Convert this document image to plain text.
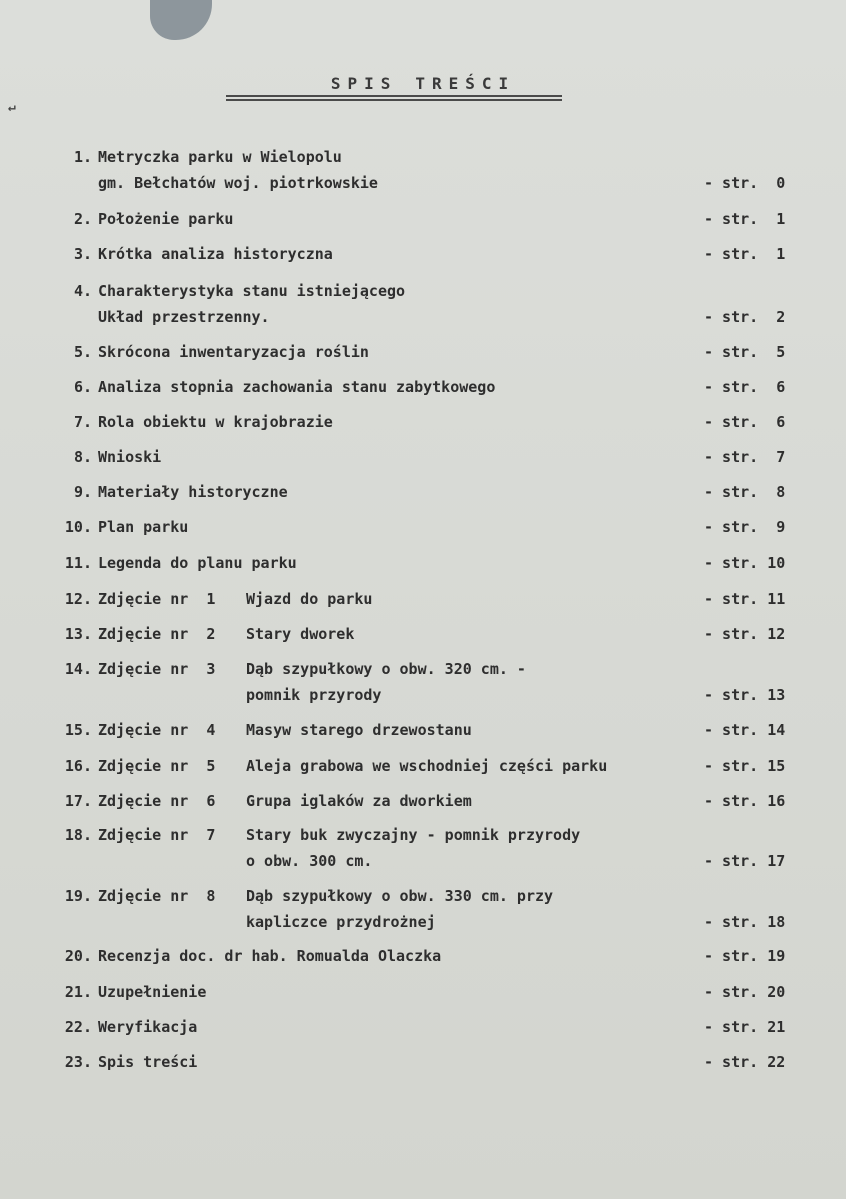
SPIS TREŚCI
1. Metryczka parku w Wielopolu
gm. Bełchatów woj. piotrkowskie	- str.  0
2. Położenie parku	- str.  1
3. Krótka analiza historyczna	- str.  1
4. Charakterystyka stanu istniejącego
Układ przestrzenny.	- str.  2
5. Skrócona inwentaryzacja roślin	- str.  5
6. Analiza stopnia zachowania stanu zabytkowego	- str.  6
7. Rola obiektu w krajobrazie	- str.  6
8. Wnioski	- str.  7
9. Materiały historyczne	- str.  8
10. Plan parku	- str.  9
11. Legenda do planu parku	- str. 10
12. Zdjęcie nr  1 Wjazd do parku	- str. 11
13. Zdjęcie nr  2 Stary dworek	- str. 12
14. Zdjęcie nr  3 Dąb szypułkowy o obw. 320 cm. -
pomnik przyrody	- str. 13
15. Zdjęcie nr  4 Masyw starego drzewostanu	- str. 14
16. Zdjęcie nr  5 Aleja grabowa we wschodniej części parku	- str. 15
17. Zdjęcie nr  6 Grupa iglaków za dworkiem	- str. 16
18. Zdjęcie nr  7 Stary buk zwyczajny - pomnik przyrody
o obw. 300 cm.	- str. 17
19. Zdjęcie nr  8 Dąb szypułkowy o obw. 330 cm. przy
kapliczce przydrożnej	- str. 18
20. Recenzja doc. dr hab. Romualda Olaczka	- str. 19
21. Uzupełnienie	- str. 20
22. Weryfikacja	- str. 21
23. Spis treści	- str. 22
↵
